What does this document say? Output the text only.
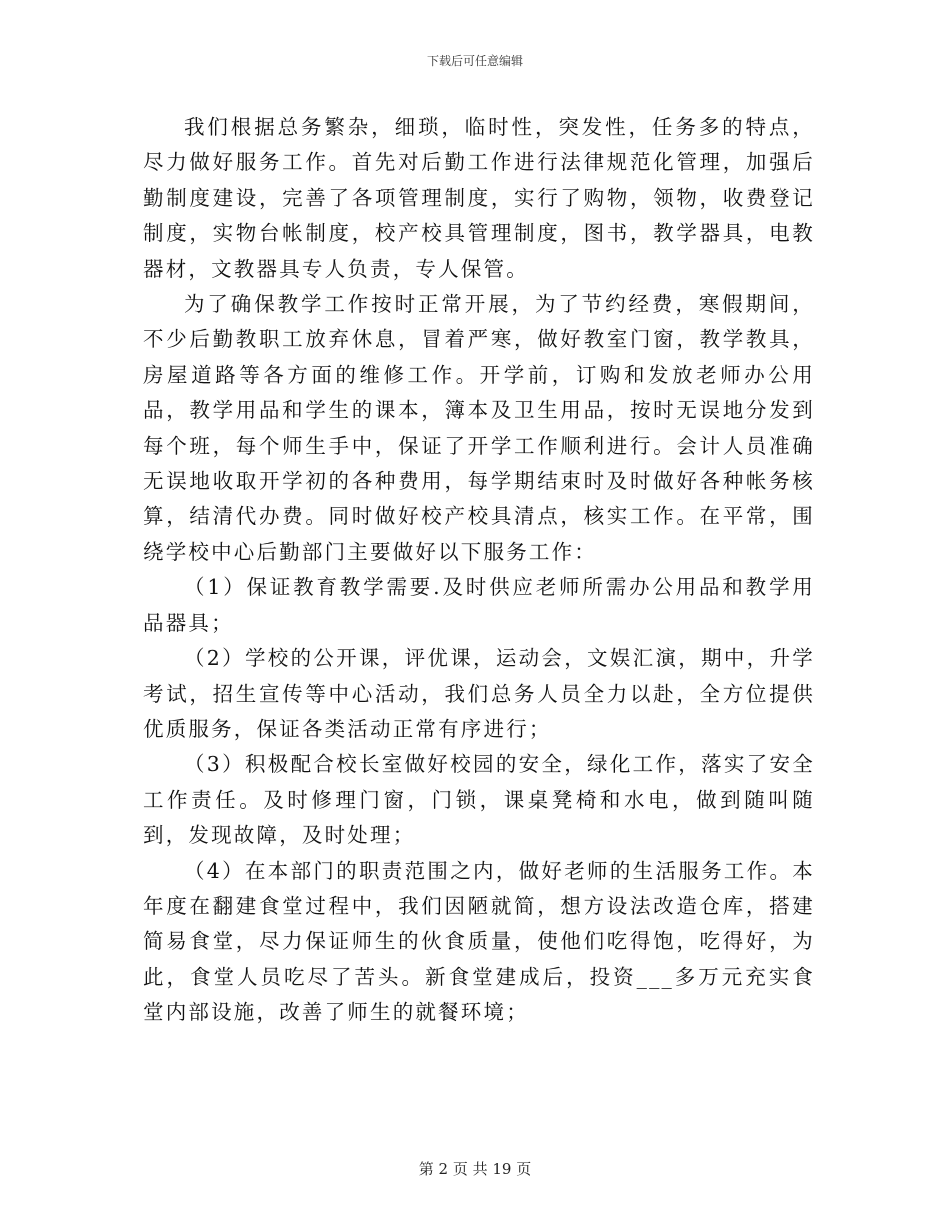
下载后可任意编辑

我们根据总务繁杂，细琐，临时性，突发性，任务多的特点，尽力做好服务工作。首先对后勤工作进行法律规范化管理，加强后勤制度建设，完善了各项管理制度，实行了购物，领物，收费登记制度，实物台帐制度，校产校具管理制度，图书，教学器具，电教器材，文教器具专人负责，专人保管。

为了确保教学工作按时正常开展，为了节约经费，寒假期间，不少后勤教职工放弃休息，冒着严寒，做好教室门窗，教学教具，房屋道路等各方面的维修工作。开学前，订购和发放老师办公用品，教学用品和学生的课本，簿本及卫生用品，按时无误地分发到每个班，每个师生手中，保证了开学工作顺利进行。会计人员准确无误地收取开学初的各种费用，每学期结束时及时做好各种帐务核算，结清代办费。同时做好校产校具清点，核实工作。在平常，围绕学校中心后勤部门主要做好以下服务工作：

（1）保证教育教学需要.及时供应老师所需办公用品和教学用品器具；

（2）学校的公开课，评优课，运动会，文娱汇演，期中，升学考试，招生宣传等中心活动，我们总务人员全力以赴，全方位提供优质服务，保证各类活动正常有序进行；

（3）积极配合校长室做好校园的安全，绿化工作，落实了安全工作责任。及时修理门窗，门锁，课桌凳椅和水电，做到随叫随到，发现故障，及时处理；

（4）在本部门的职责范围之内，做好老师的生活服务工作。本年度在翻建食堂过程中，我们因陋就简，想方设法改造仓库，搭建简易食堂，尽力保证师生的伙食质量，使他们吃得饱，吃得好，为此，食堂人员吃尽了苦头。新食堂建成后，投资___多万元充实食堂内部设施，改善了师生的就餐环境；

第 2 页 共 19 页
